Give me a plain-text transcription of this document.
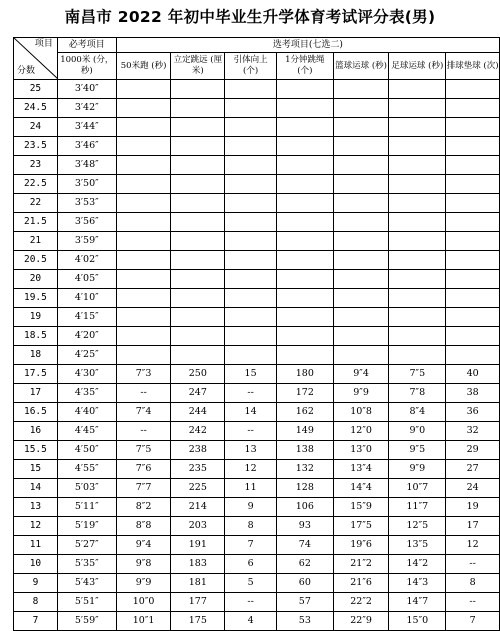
南昌市 2022 年初中毕业生升学体育考试评分表(男)
项目
分数	必考项目	选考项目(七选二)						
	1000米 (分，秒)	50米跑 (秒)	立定跳远 (厘米)	引体向上 (个)	1分钟跳绳 (个)	篮球运球 (秒)	足球运球 (秒)	排球垫球 (次)
25	3′40″							
24.5	3′42″							
24	3′44″							
23.5	3′46″							
23	3′48″							
22.5	3′50″							
22	3′53″							
21.5	3′56″							
21	3′59″							
20.5	4′02″							
20	4′05″							
19.5	4′10″							
19	4′15″							
18.5	4′20″							
18	4′25″							
17.5	4′30″	7″3	250	15	180	9″4	7″5	40
17	4′35″	--	247	--	172	9″9	7″8	38
16.5	4′40″	7″4	244	14	162	10″8	8″4	36
16	4′45″	--	242	--	149	12″0	9″0	32
15.5	4′50″	7″5	238	13	138	13″0	9″5	29
15	4′55″	7″6	235	12	132	13″4	9″9	27
14	5′03″	7″7	225	11	128	14″4	10″7	24
13	5′11″	8″2	214	9	106	15″9	11″7	19
12	5′19″	8″8	203	8	93	17″5	12″5	17
11	5′27″	9″4	191	7	74	19″6	13″5	12
10	5′35″	9″8	183	6	62	21″2	14″2	--
9	5′43″	9″9	181	5	60	21″6	14″3	8
8	5′51″	10″0	177	--	57	22″2	14″7	--
7	5′59″	10″1	175	4	53	22″9	15″0	7
